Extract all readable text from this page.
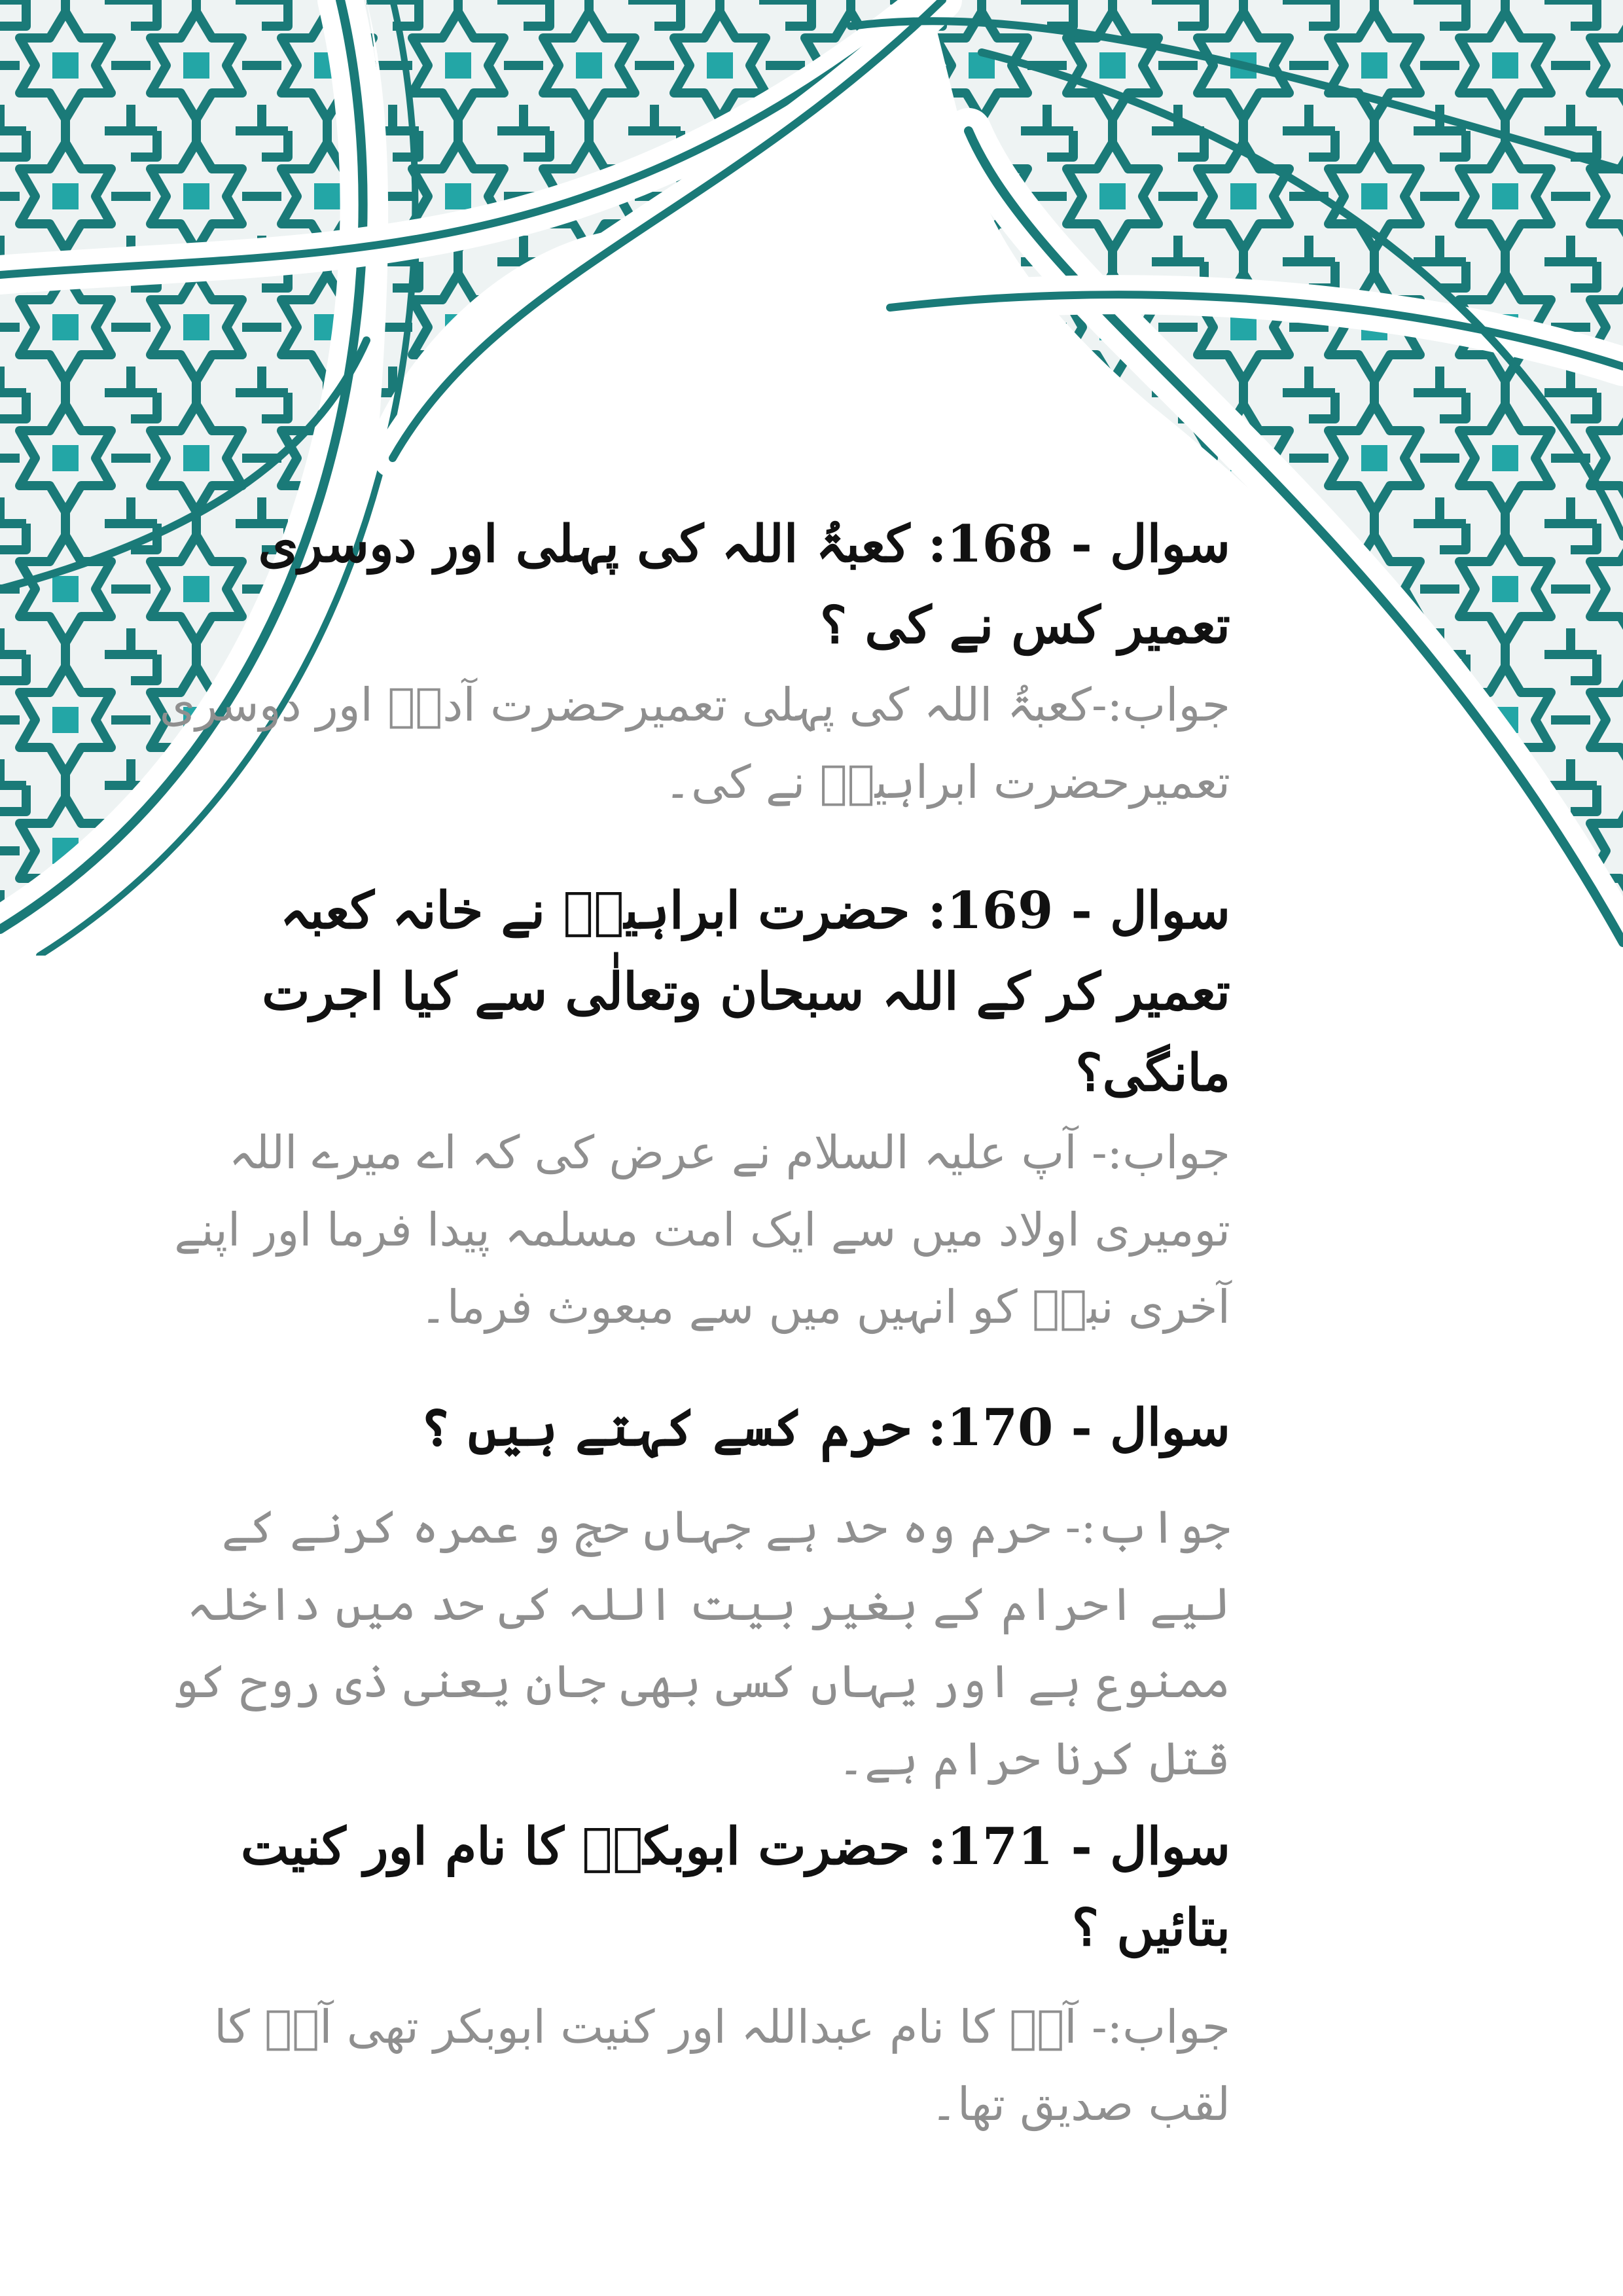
سوال - 168: کعبۃُ اللہ کی پہلی اور دوسری تعمیر کس نے کی ؟

جواب:-کعبۃُ اللہ کی پہلی تعمیرحضرت آدمؑ اور دوسری تعمیرحضرت ابراہیمؑ نے کی۔

سوال - 169: حضرت ابراہیمؑ نے خانہ کعبہ تعمیر کر کے اللہ سبحان وتعالٰی سے کیا اجرت مانگی؟

جواب:- آپ علیہ السلام نے عرض کی کہ اے میرے اللہ تومیری اولاد میں سے ایک امت مسلمہ پیدا فرما اور اپنے آخری نبیؐ کو انہیں میں سے مبعوث فرما۔

سوال - 170: حرم کسے کہتے ہیں ؟

جواب:- حرم وہ حد ہے جہاں حج و عمرہ کرنے کے لیے احرام کے بغیر بیت اللہ کی حد میں داخلہ ممنوع ہے اور یہاں کسی بھی جان یعنی ذی روح کو قتل کرنا حرام ہے۔

سوال - 171: حضرت ابوبکرؓ کا نام اور کنیت بتائیں ؟

جواب:- آپؓ کا نام عبداللہ اور کنیت ابوبکر تھی آپؓ کا لقب صدیق تھا۔
